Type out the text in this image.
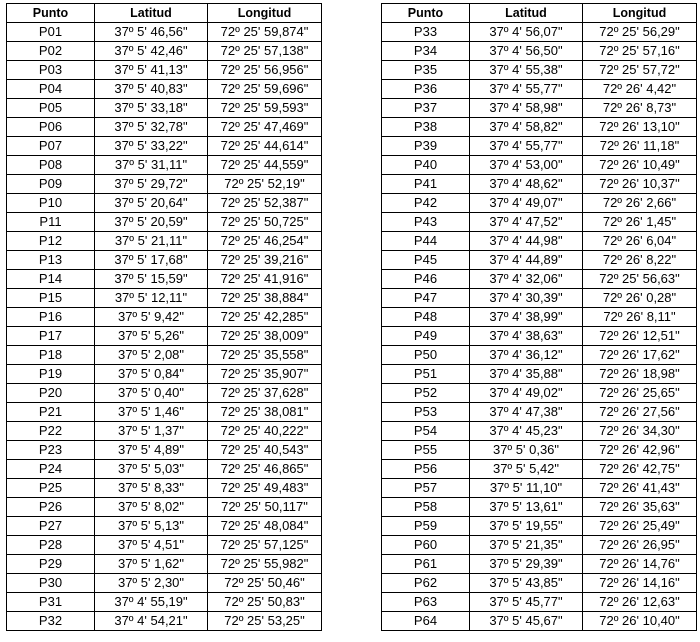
Punto	Latitud	Longitud
P01	37º 5' 46,56"	72º 25' 59,874"
P02	37º 5' 42,46"	72º 25' 57,138"
P03	37º 5' 41,13"	72º 25' 56,956"
P04	37º 5' 40,83"	72º 25' 59,696"
P05	37º 5' 33,18"	72º 25' 59,593"
P06	37º 5' 32,78"	72º 25' 47,469"
P07	37º 5' 33,22"	72º 25' 44,614"
P08	37º 5' 31,11"	72º 25' 44,559"
P09	37º 5' 29,72"	72º 25' 52,19"
P10	37º 5' 20,64"	72º 25' 52,387"
P11	37º 5' 20,59"	72º 25' 50,725"
P12	37º 5' 21,11"	72º 25' 46,254"
P13	37º 5' 17,68"	72º 25' 39,216"
P14	37º 5' 15,59"	72º 25' 41,916"
P15	37º 5' 12,11"	72º 25' 38,884"
P16	37º 5' 9,42"	72º 25' 42,285"
P17	37º 5' 5,26"	72º 25' 38,009"
P18	37º 5' 2,08"	72º 25' 35,558"
P19	37º 5' 0,84"	72º 25' 35,907"
P20	37º 5' 0,40"	72º 25' 37,628"
P21	37º 5' 1,46"	72º 25' 38,081"
P22	37º 5' 1,37"	72º 25' 40,222"
P23	37º 5' 4,89"	72º 25' 40,543"
P24	37º 5' 5,03"	72º 25' 46,865"
P25	37º 5' 8,33"	72º 25' 49,483"
P26	37º 5' 8,02"	72º 25' 50,117"
P27	37º 5' 5,13"	72º 25' 48,084"
P28	37º 5' 4,51"	72º 25' 57,125"
P29	37º 5' 1,62"	72º 25' 55,982"
P30	37º 5' 2,30"	72º 25' 50,46"
P31	37º 4' 55,19"	72º 25' 50,83"
P32	37º 4' 54,21"	72º 25' 53,25"
Punto	Latitud	Longitud
P33	37º 4' 56,07"	72º 25' 56,29"
P34	37º 4' 56,50"	72º 25' 57,16"
P35	37º 4' 55,38"	72º 25' 57,72"
P36	37º 4' 55,77"	72º 26' 4,42"
P37	37º 4' 58,98"	72º 26' 8,73"
P38	37º 4' 58,82"	72º 26' 13,10"
P39	37º 4' 55,77"	72º 26' 11,18"
P40	37º 4' 53,00"	72º 26' 10,49"
P41	37º 4' 48,62"	72º 26' 10,37"
P42	37º 4' 49,07"	72º 26' 2,66"
P43	37º 4' 47,52"	72º 26' 1,45"
P44	37º 4' 44,98"	72º 26' 6,04"
P45	37º 4' 44,89"	72º 26' 8,22"
P46	37º 4' 32,06"	72º 25' 56,63"
P47	37º 4' 30,39"	72º 26' 0,28"
P48	37º 4' 38,99"	72º 26' 8,11"
P49	37º 4' 38,63"	72º 26' 12,51"
P50	37º 4' 36,12"	72º 26' 17,62"
P51	37º 4' 35,88"	72º 26' 18,98"
P52	37º 4' 49,02"	72º 26' 25,65"
P53	37º 4' 47,38"	72º 26' 27,56"
P54	37º 4' 45,23"	72º 26' 34,30"
P55	37º 5' 0,36"	72º 26' 42,96"
P56	37º 5' 5,42"	72º 26' 42,75"
P57	37º 5' 11,10"	72º 26' 41,43"
P58	37º 5' 13,61"	72º 26' 35,63"
P59	37º 5' 19,55"	72º 26' 25,49"
P60	37º 5' 21,35"	72º 26' 26,95"
P61	37º 5' 29,39"	72º 26' 14,76"
P62	37º 5' 43,85"	72º 26' 14,16"
P63	37º 5' 45,77"	72º 26' 12,63"
P64	37º 5' 45,67"	72º 26' 10,40"
